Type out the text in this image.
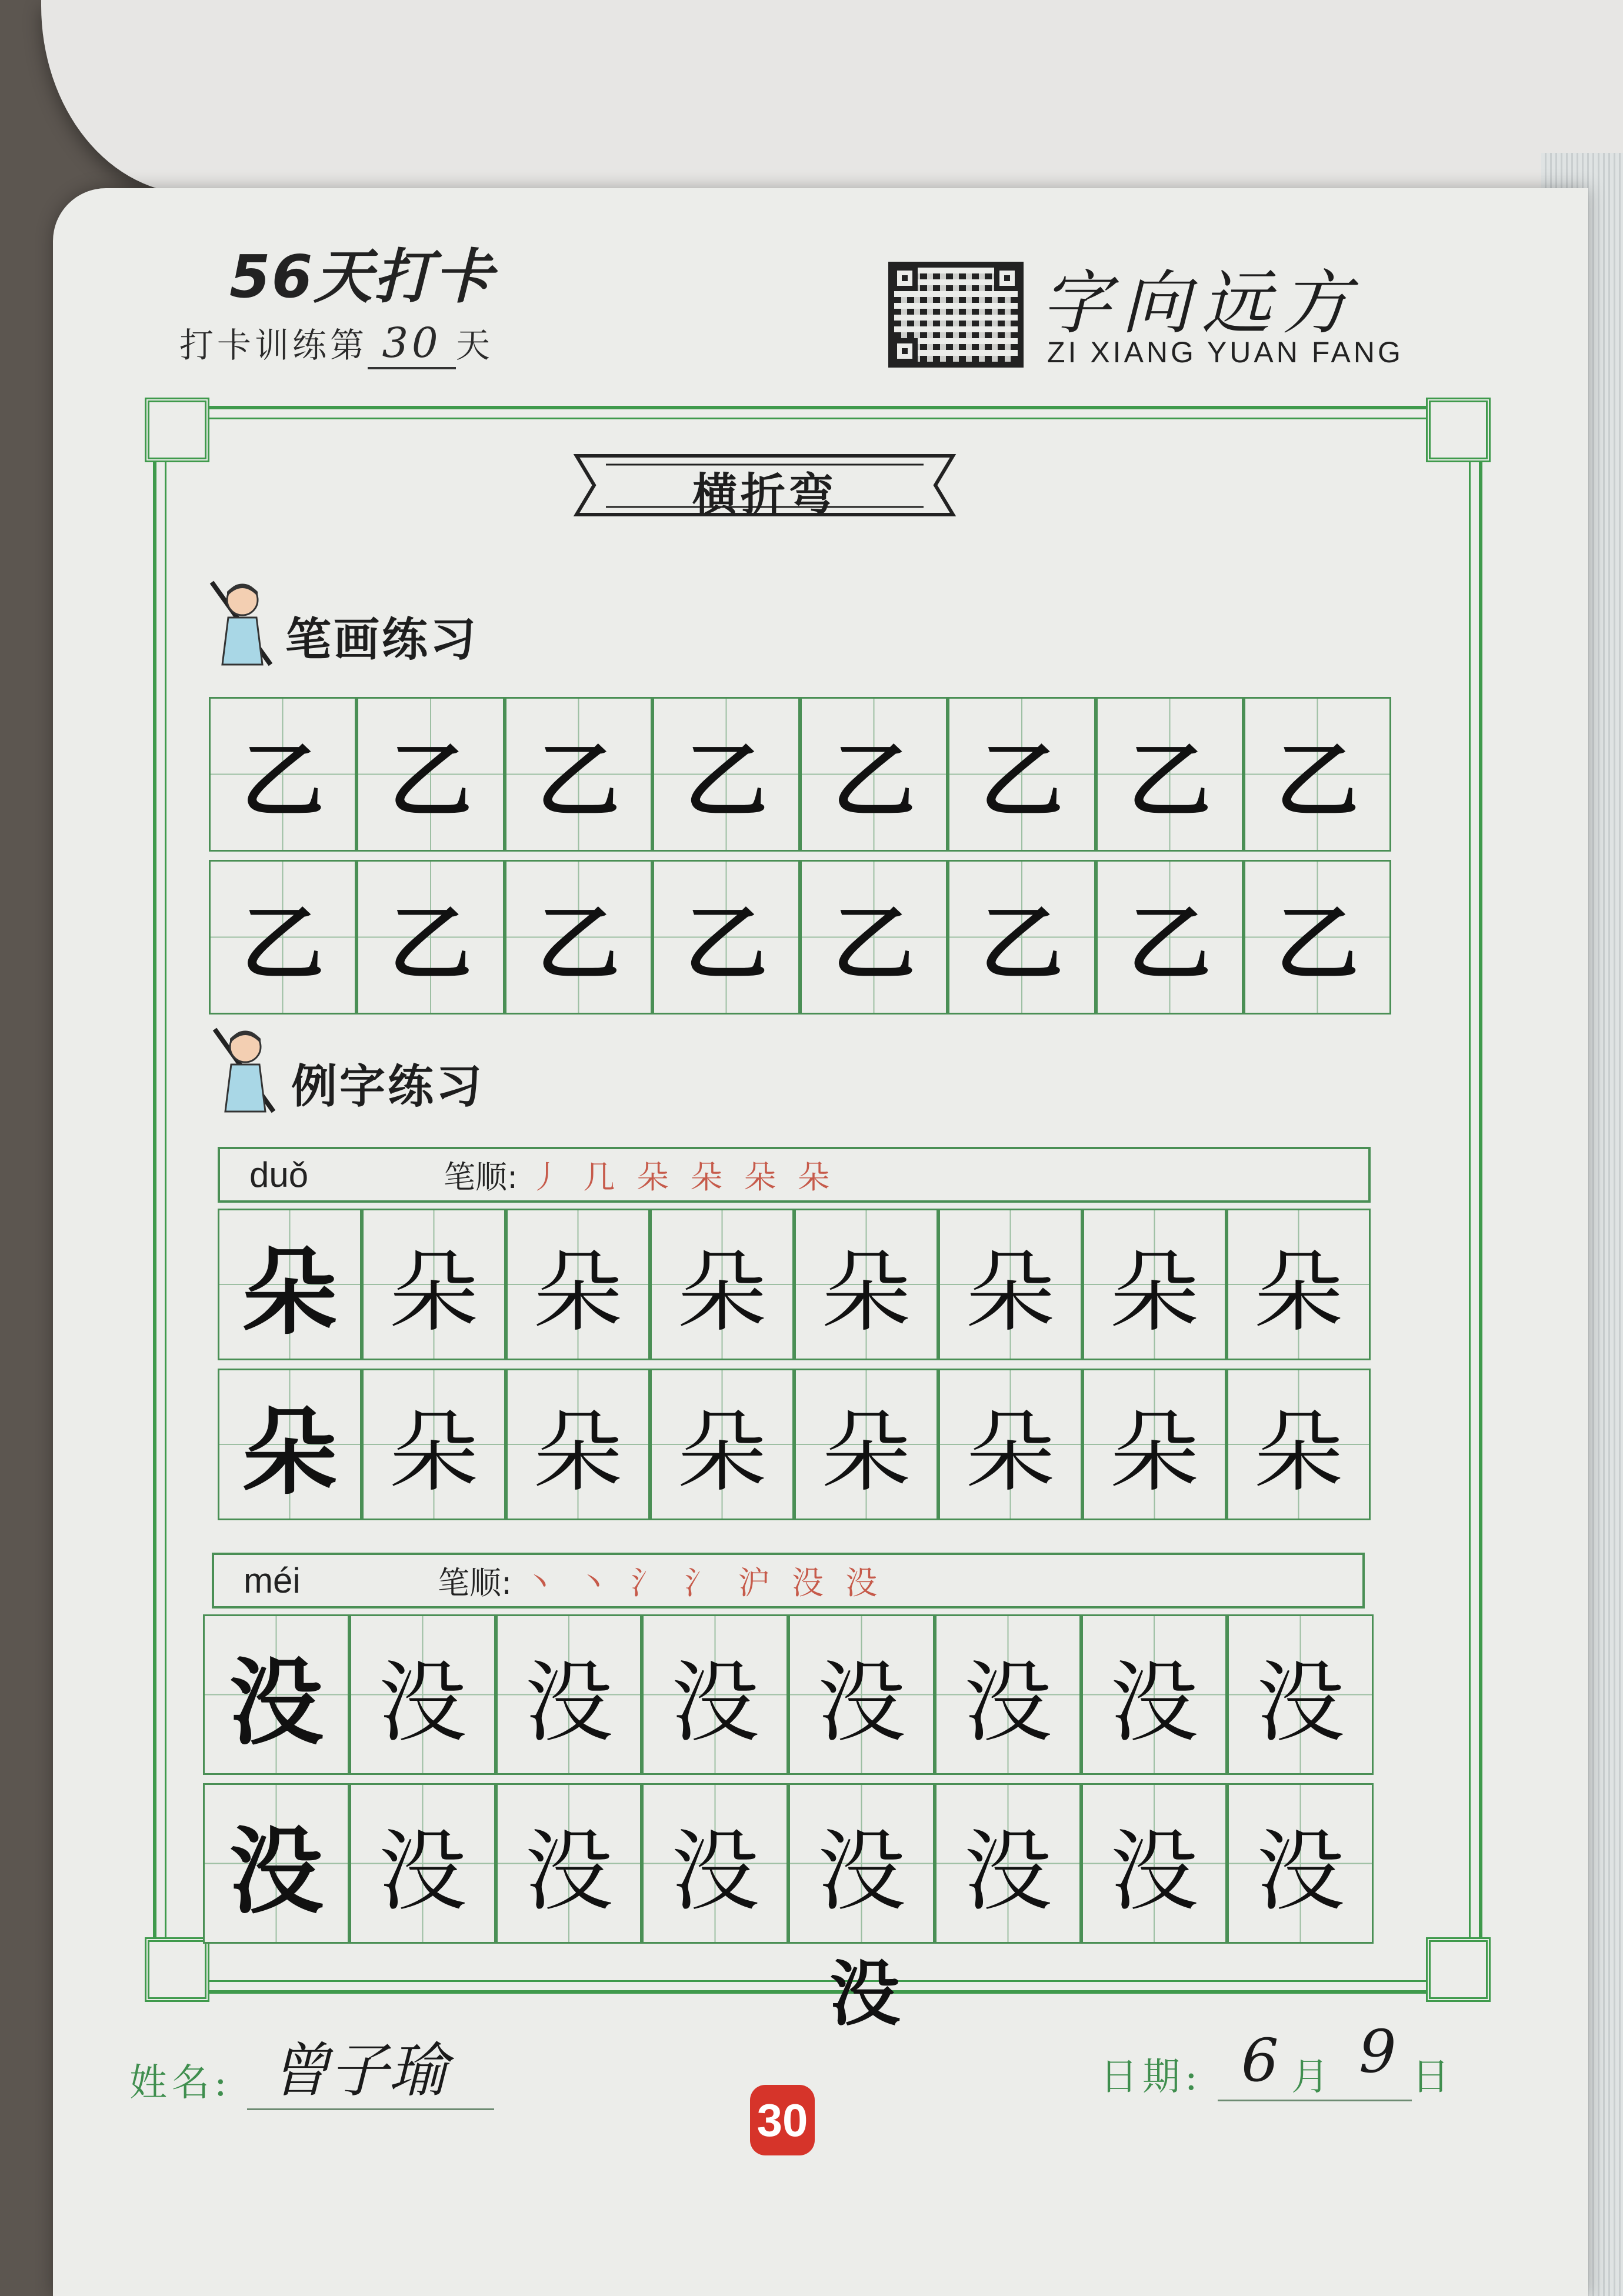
56天打卡
打卡训练第 30 天
字向远方
ZI XIANG YUAN FANG
横折弯
笔画练习
乙 乙 乙 乙 乙 乙 乙 乙
乙 乙 乙 乙 乙 乙 乙 乙
例字练习
duǒ	笔顺: 丿 几 朵 朵 朵 朵
朵 朵 朵 朵 朵 朵 朵 朵
朵 朵 朵 朵 朵 朵 朵 朵
méi	笔顺: 丶 丶 氵 氵 沪 没 没
没 没 没 没 没 没 没 没
没 没 没 没 没 没 没 没
没
姓名: 曾子瑜
30
日期: 6 月 9 日
